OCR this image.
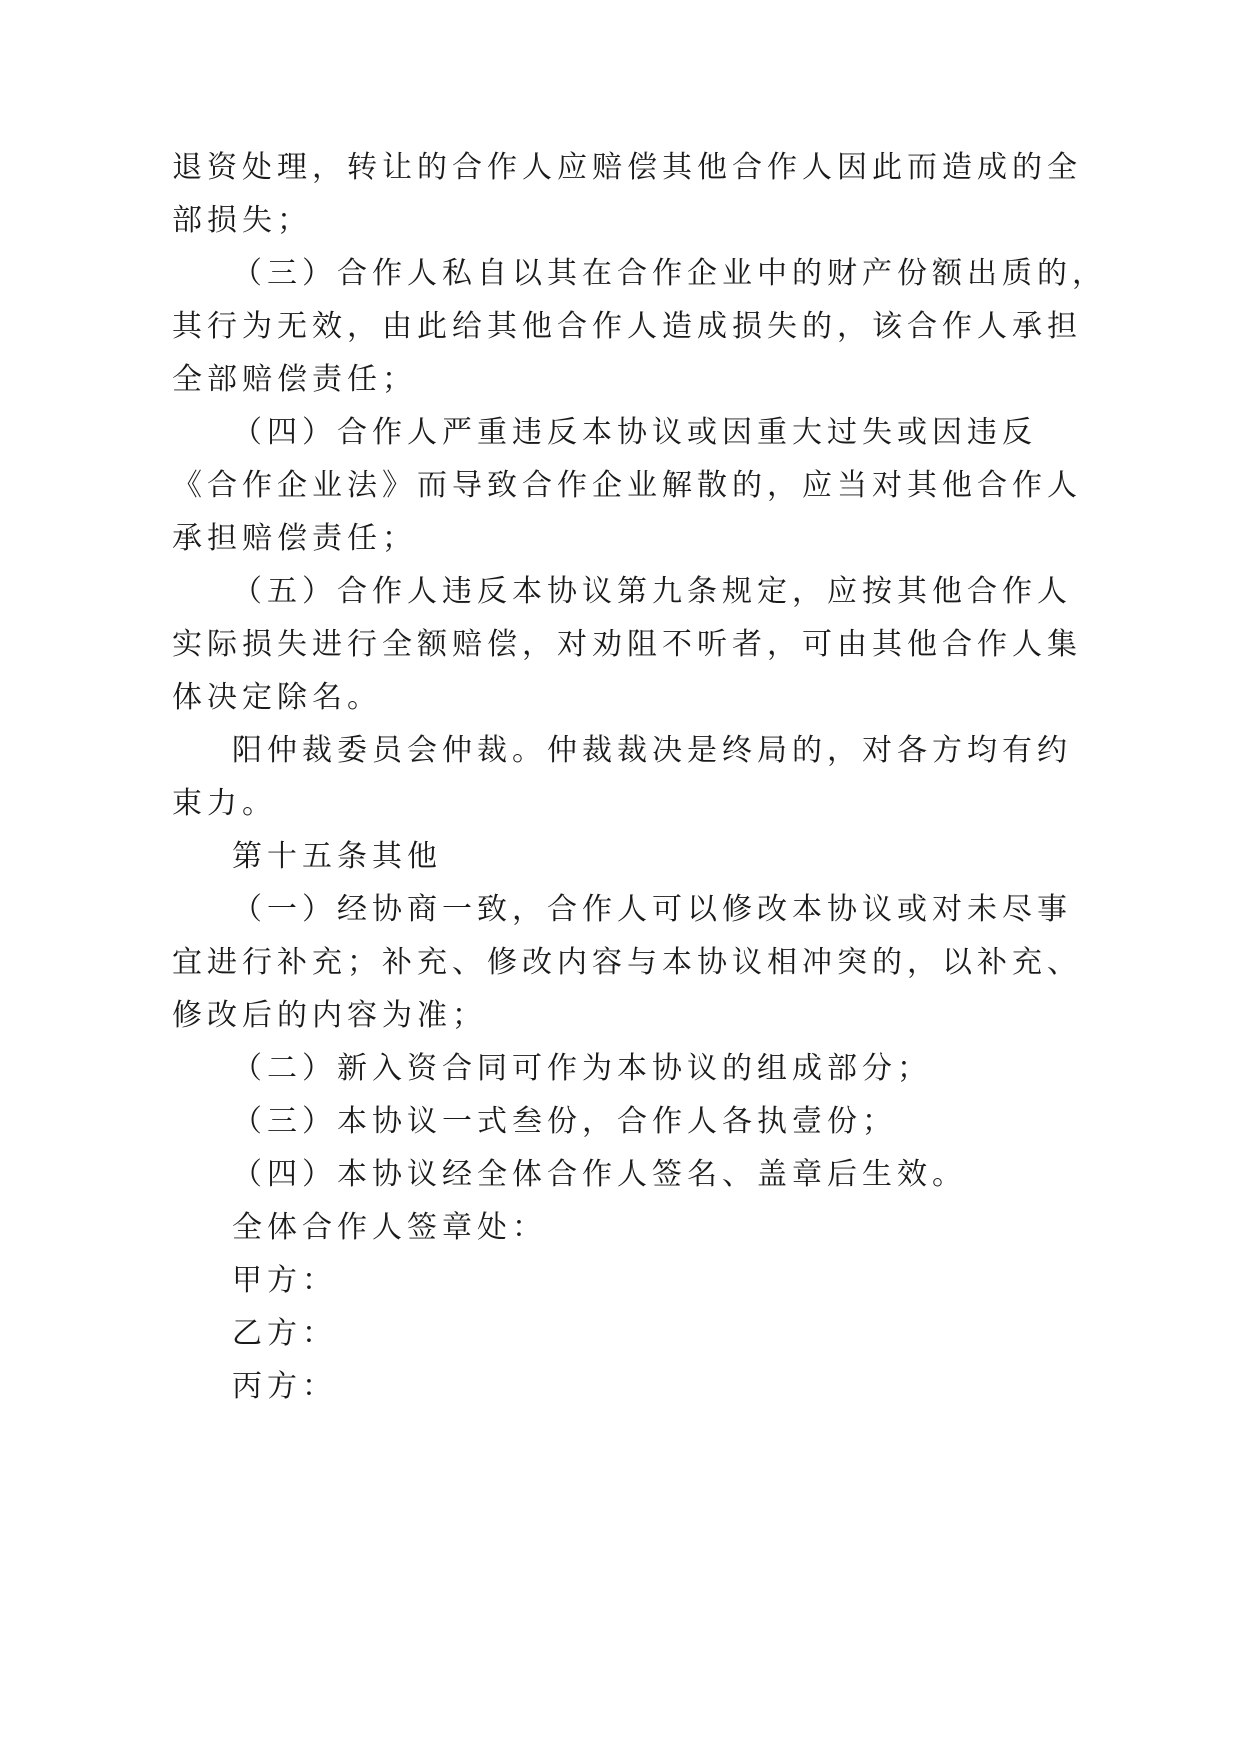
退资处理，转让的合作人应赔偿其他合作人因此而造成的全

部损失；

（三）合作人私自以其在合作企业中的财产份额出质的，

其行为无效，由此给其他合作人造成损失的，该合作人承担

全部赔偿责任；

（四）合作人严重违反本协议或因重大过失或因违反

《合作企业法》而导致合作企业解散的，应当对其他合作人

承担赔偿责任；

（五）合作人违反本协议第九条规定，应按其他合作人

实际损失进行全额赔偿，对劝阻不听者，可由其他合作人集

体决定除名。

阳仲裁委员会仲裁。仲裁裁决是终局的，对各方均有约

束力。

第十五条其他

（一）经协商一致，合作人可以修改本协议或对未尽事

宜进行补充；补充、修改内容与本协议相冲突的，以补充、

修改后的内容为准；

（二）新入资合同可作为本协议的组成部分；

（三）本协议一式叁份，合作人各执壹份；

（四）本协议经全体合作人签名、盖章后生效。

全体合作人签章处：

甲方：

乙方：

丙方：
